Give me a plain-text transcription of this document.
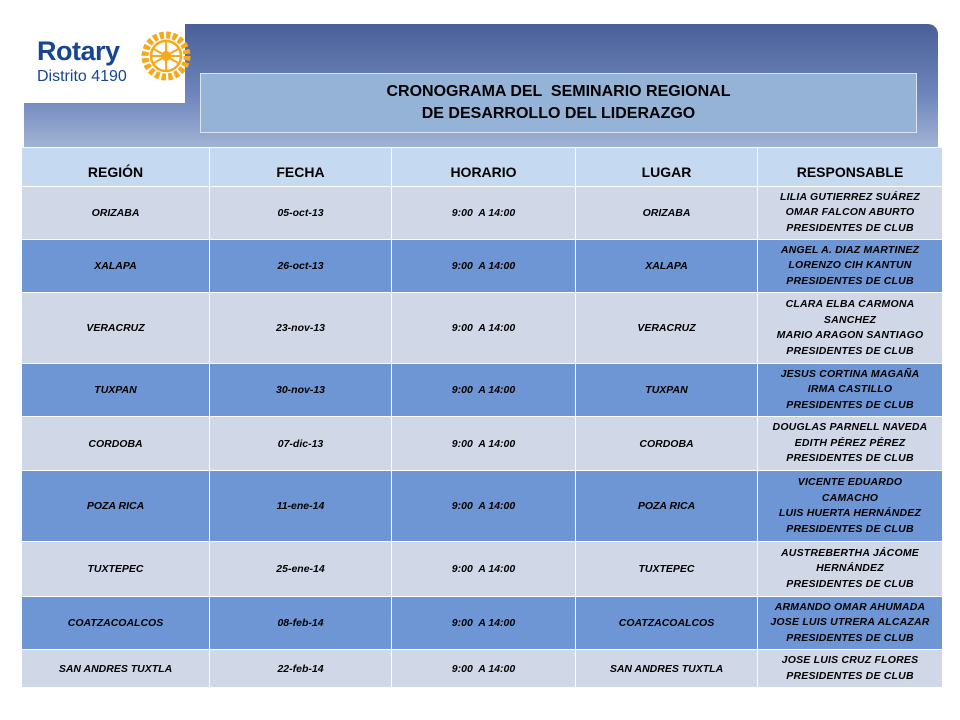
Rotary
Distrito 4190
CRONOGRAMA DEL  SEMINARIO REGIONAL
DE DESARROLLO DEL LIDERAZGO
REGIÓN	FECHA	HORARIO	LUGAR	RESPONSABLE
ORIZABA	05-oct-13	9:00  A 14:00	ORIZABA	LILIA GUTIERREZ SUÁREZ
OMAR FALCON ABURTO
PRESIDENTES DE CLUB

XALAPA	26-oct-13	9:00  A 14:00	XALAPA	ANGEL A. DIAZ MARTINEZ
LORENZO CIH KANTUN
PRESIDENTES DE CLUB

VERACRUZ	23-nov-13	9:00  A 14:00	VERACRUZ	CLARA ELBA CARMONA
SANCHEZ
MARIO ARAGON SANTIAGO
PRESIDENTES DE CLUB

TUXPAN	30-nov-13	9:00  A 14:00	TUXPAN	JESUS CORTINA MAGAÑA
IRMA CASTILLO
PRESIDENTES DE CLUB

CORDOBA	07-dic-13	9:00  A 14:00	CORDOBA	DOUGLAS PARNELL NAVEDA
EDITH PÉREZ PÉREZ
PRESIDENTES DE CLUB

POZA RICA	11-ene-14	9:00  A 14:00	POZA RICA	VICENTE EDUARDO
CAMACHO
LUIS HUERTA HERNÁNDEZ
PRESIDENTES DE CLUB

TUXTEPEC	25-ene-14	9:00  A 14:00	TUXTEPEC	AUSTREBERTHA JÁCOME
HERNÁNDEZ
PRESIDENTES DE CLUB

COATZACOALCOS	08-feb-14	9:00  A 14:00	COATZACOALCOS	ARMANDO OMAR AHUMADA
JOSE LUIS UTRERA ALCAZAR
PRESIDENTES DE CLUB

SAN ANDRES TUXTLA	22-feb-14	9:00  A 14:00	SAN ANDRES TUXTLA	JOSE LUIS CRUZ FLORES
PRESIDENTES DE CLUB
